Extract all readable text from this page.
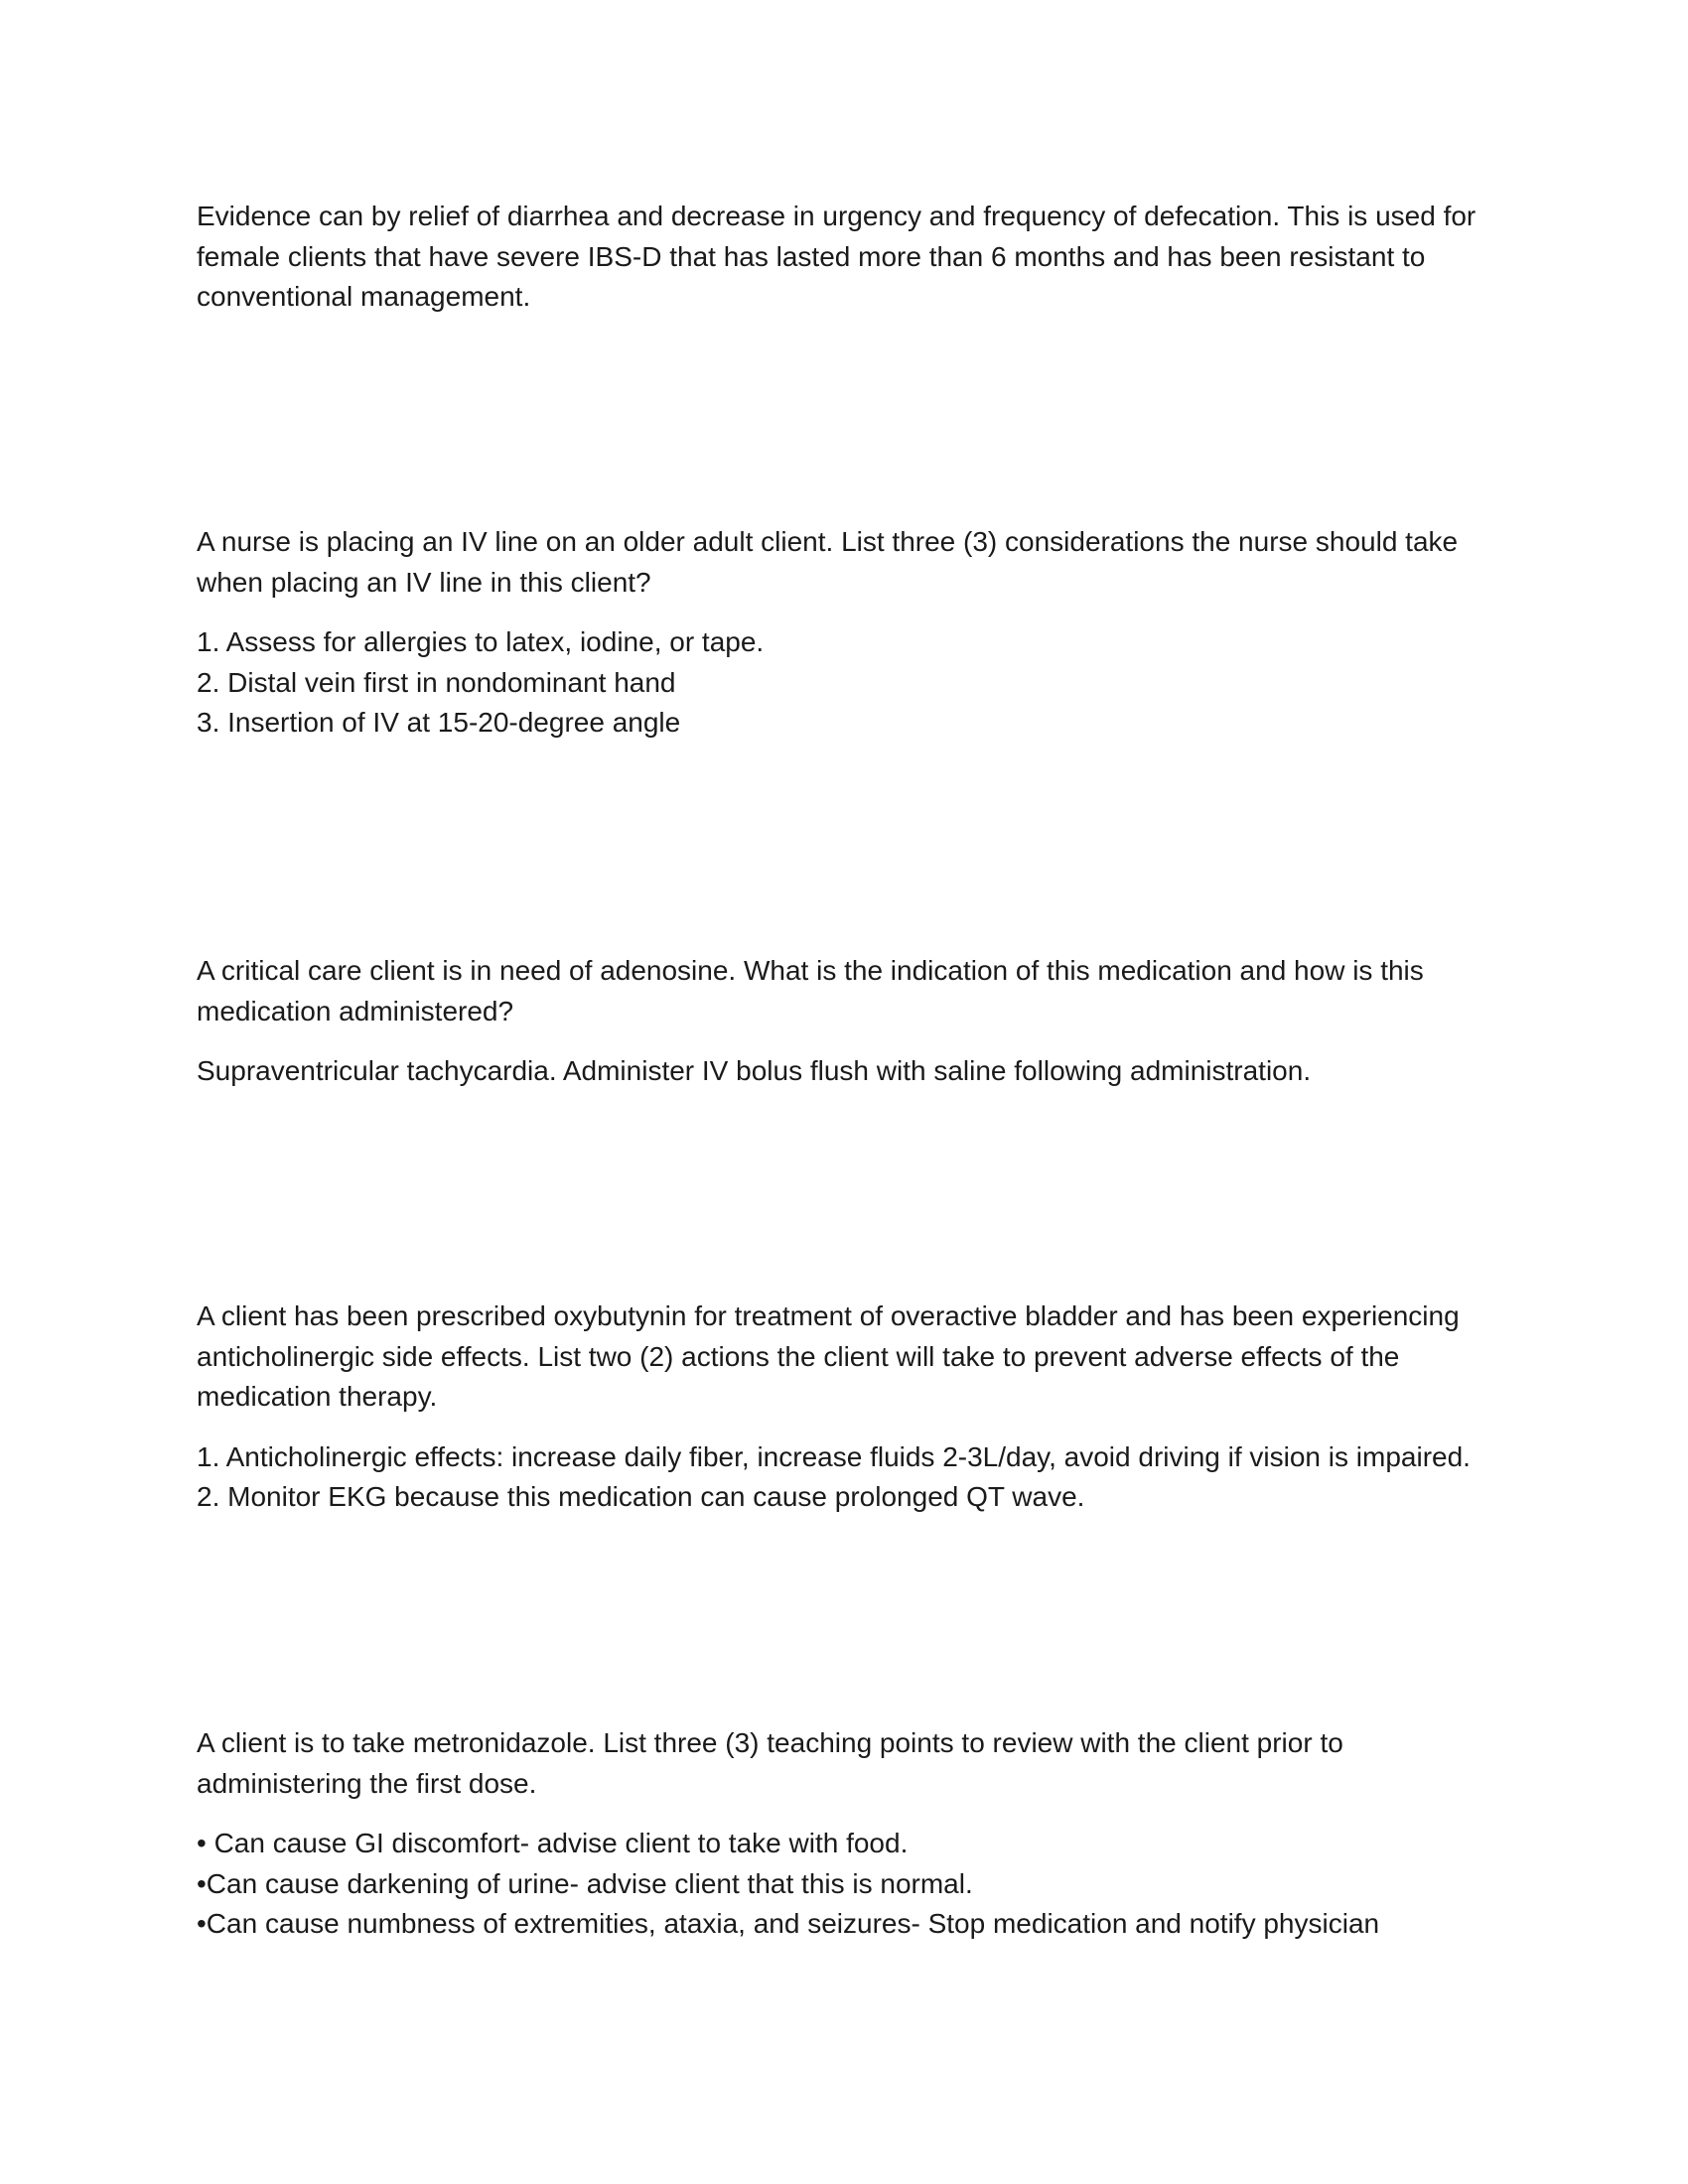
Evidence can by relief of diarrhea and decrease in urgency and frequency of defecation. This is used for female clients that have severe IBS-D that has lasted more than 6 months and has been resistant to conventional management.

A nurse is placing an IV line on an older adult client. List three (3) considerations the nurse should take when placing an IV line in this client?

1. Assess for allergies to latex, iodine, or tape.
2. Distal vein first in nondominant hand
3. Insertion of IV at 15-20-degree angle

A critical care client is in need of adenosine. What is the indication of this medication and how is this medication administered?

Supraventricular tachycardia. Administer IV bolus flush with saline following administration.

A client has been prescribed oxybutynin for treatment of overactive bladder and has been experiencing anticholinergic side effects. List two (2) actions the client will take to prevent adverse effects of the medication therapy.

1. Anticholinergic effects: increase daily fiber, increase fluids 2-3L/day, avoid driving if vision is impaired.
2. Monitor EKG because this medication can cause prolonged QT wave.

A client is to take metronidazole. List three (3) teaching points to review with the client prior to administering the first dose.

• Can cause GI discomfort- advise client to take with food.
•Can cause darkening of urine- advise client that this is normal.
•Can cause numbness of extremities, ataxia, and seizures- Stop medication and notify physician
